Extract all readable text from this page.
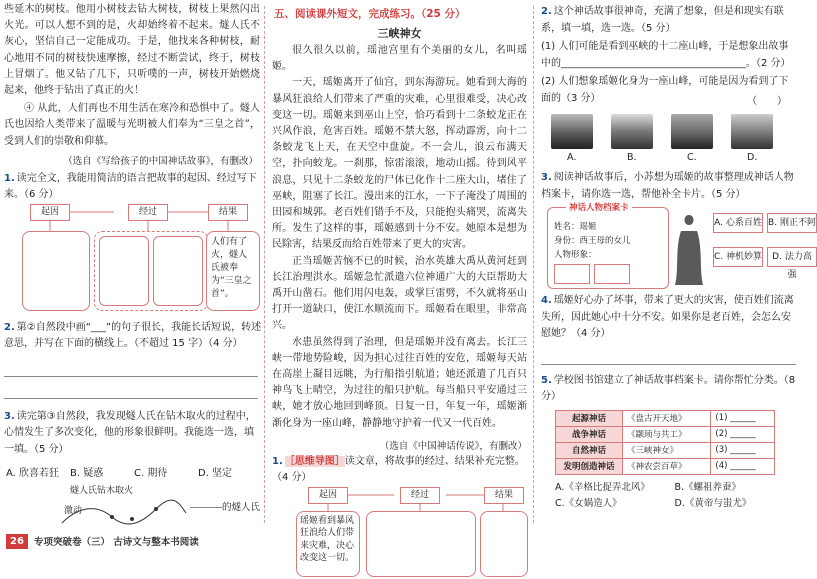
些延木的树枝。他用小树枝去钻大树枝，树枝上果然闪出火光。可以人想不到的是，火却始终着不起来。燧人氏不灰心，坚信自己一定能成功。于是，他找来各种树枝，耐心地用不同的树枝快速摩擦，经过不断尝试，终于，树枝上冒烟了。他又钻了几下，只听噗的一声，树枝开始燃烧起来，他终于钻出了真正的火！
④ 从此，人们再也不用生活在寒冷和恐惧中了。燧人氏也因给人类带来了温暖与光明被人们奉为“三皇之首”，受到人们的崇敬和仰慕。
（选自《写给孩子的中国神话故事》，有删改）
1. 读完全文，我能用简洁的语言把故事的起因、经过写下来。（6 分）
起因	经过	结果
人们有了火，燧人氏被奉为“三皇之首”。
2. 第②自然段中画“___”的句子很长，我能长话短说，转述意思，并写在下面的横线上。（不超过 15 字）（4 分）
3. 读完第③自然段，我发现燧人氏在钻木取火的过程中，心情发生了多次变化，他的形象很鲜明。我能选一选，填一填。（5 分）
A. 欣喜若狂	B. 疑惑	C. 期待	D. 坚定
燧人氏钻木取火
激动	的燧人氏
五、阅读课外短文，完成练习。（25 分）
三峡神女
很久很久以前，瑶池宫里有个美丽的女儿，名叫瑶姬。
一天，瑶姬离开了仙宫，到东海游玩。她看到大海的暴风狂浪给人们带来了严重的灾难，心里很难受，决心改变这一切。瑶姬来到巫山上空，恰巧看到十二条蛟龙正在兴风作浪，危害百姓。瑶姬不禁大怒，挥动霹雳，向十二条蛟龙飞上天，在天空中盘旋。不一会儿，浪云布满天空，扑向蛟龙。一刹那，惊雷滚滚，地动山摇。待到风平浪息，只见十二条蛟龙的尸体已化作十二座大山，堵住了巫峡，阻塞了长江。漫出来的江水，一下子淹没了周围的田园和城郭。老百姓们错手不及，只能抱头痛哭，流离失所。发生了这样的事，瑶姬感到十分不安。她原本是想为民除害，结果反而给百姓带来了更大的灾害。
正当瑶姬苦恼不已的时候，治水英雄大禹从黄河赶到长江治理洪水。瑶姬急忙派遣六位神通广大的大臣帮助大禹开山凿石。他们用闪电轰，或掌巨雷劈，不久就将巫山打开一道缺口，使江水顺流而下。瑶姬看在眼里，非常高兴。
水患虽然得到了治理，但是瑶姬并没有离去。长江三峡一带地势险峻，因为担心过往百姓的安危，瑶姬每天站在高崖上凝目远眺，为行船指引航道；她还派遣了几百只神鸟飞上晴空，为过往的船只护航。每当船只平安通过三峡，她才放心地回到峰顶。日复一日，年复一年，瑶姬渐渐化身为一座山峰，静静地守护着一代又一代百姓。
（选自《中国神话传说》，有删改）
1. ［思维导图］读文章，将故事的经过、结果补充完整。（4 分）
起因	经过	结果
瑶姬看到暴风狂浪给人们带来灾难，决心改变这一切。
2. 这个神话故事很神奇，充满了想象，但是和现实有联系，填一填，选一选。（5 分）
(1) 人们可能是看到巫峡的十二座山峰，于是想象出故事中的_____________________________________。（2 分）
(2) 人们想象瑶姬化身为一座山峰，可能是因为看到了下面的（3 分）	（　　）
A.	B.	C.	D.
3. 阅读神话故事后，小苏想为瑶姬的故事整理成神话人物档案卡，请你选一选，帮他补全卡片。（5 分）
神话人物档案卡
姓名：瑶姬
身份：西王母的女儿
人物形象：
A. 心系百姓 B. 刚正不阿
C. 神机妙算	D. 法力高强
4. 瑶姬好心办了坏事，带来了更大的灾害，使百姓们流离失所，因此她心中十分不安。如果你是老百姓，会怎么安慰她？（4 分）
5. 学校图书馆建立了神话故事档案卡。请你帮忙分类。（8 分）
起源神话	《盘古开天地》	(1) ______
战争神话	《颛顼与共工》	(2) ______
自然神话	《三峡神女》	(3) ______
发明创造神话	《神农尝百草》	(4) ______
A.《辛格比捉弄北风》	B.《螺祖养蚕》
C.《女娲造人》	D.《黄帝与蚩尤》
26	专项突破卷（三） 古诗文与整本书阅读
